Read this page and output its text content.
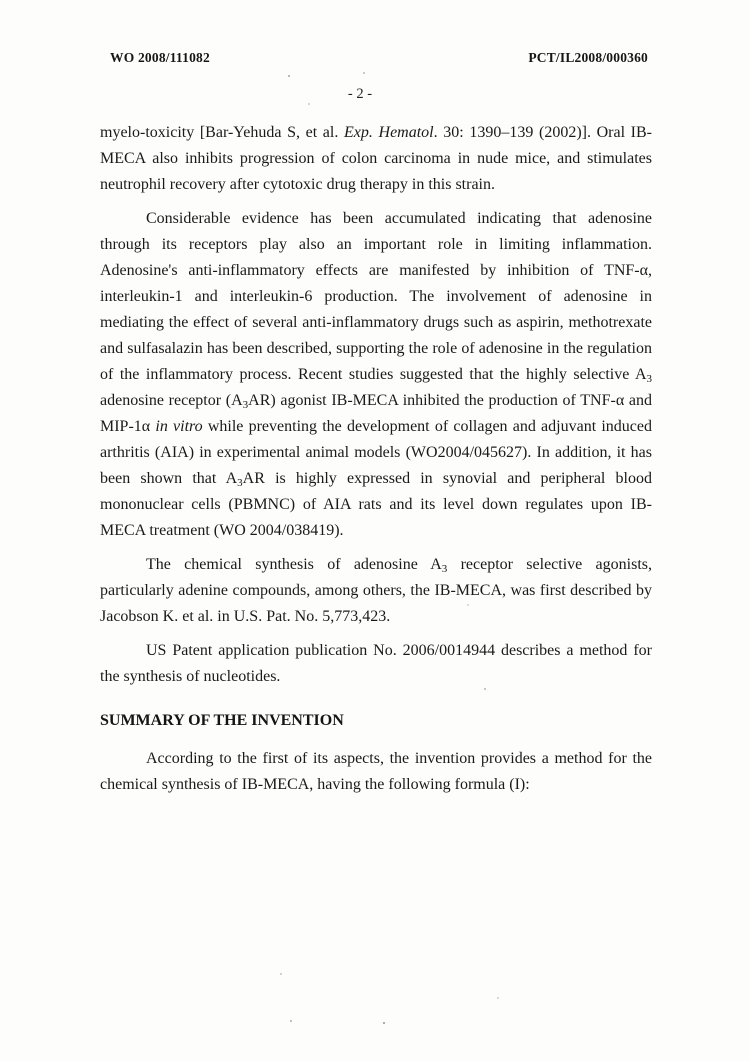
WO 2008/111082	PCT/IL2008/000360
- 2 -

myelo-toxicity [Bar-Yehuda S, et al. Exp. Hematol. 30: 1390–139 (2002)]. Oral IB-MECA also inhibits progression of colon carcinoma in nude mice, and stimulates neutrophil recovery after cytotoxic drug therapy in this strain.

Considerable evidence has been accumulated indicating that adenosine through its receptors play also an important role in limiting inflammation. Adenosine's anti-inflammatory effects are manifested by inhibition of TNF-α, interleukin-1 and interleukin-6 production. The involvement of adenosine in mediating the effect of several anti-inflammatory drugs such as aspirin, methotrexate and sulfasalazin has been described, supporting the role of adenosine in the regulation of the inflammatory process. Recent studies suggested that the highly selective $A_3$ adenosine receptor $(A_3AR)$ agonist IB-MECA inhibited the production of TNF-α and MIP-1α in vitro while preventing the development of collagen and adjuvant induced arthritis (AIA) in experimental animal models (WO2004/045627). In addition, it has been shown that $A_3AR$ is highly expressed in synovial and peripheral blood mononuclear cells (PBMNC) of AIA rats and its level down regulates upon IB-MECA treatment (WO 2004/038419).

The chemical synthesis of adenosine $A_3$ receptor selective agonists, particularly adenine compounds, among others, the IB-MECA, was first described by Jacobson K. et al. in U.S. Pat. No. 5,773,423.

US Patent application publication No. 2006/0014944 describes a method for the synthesis of nucleotides.

SUMMARY OF THE INVENTION

According to the first of its aspects, the invention provides a method for the chemical synthesis of IB-MECA, having the following formula (I):
